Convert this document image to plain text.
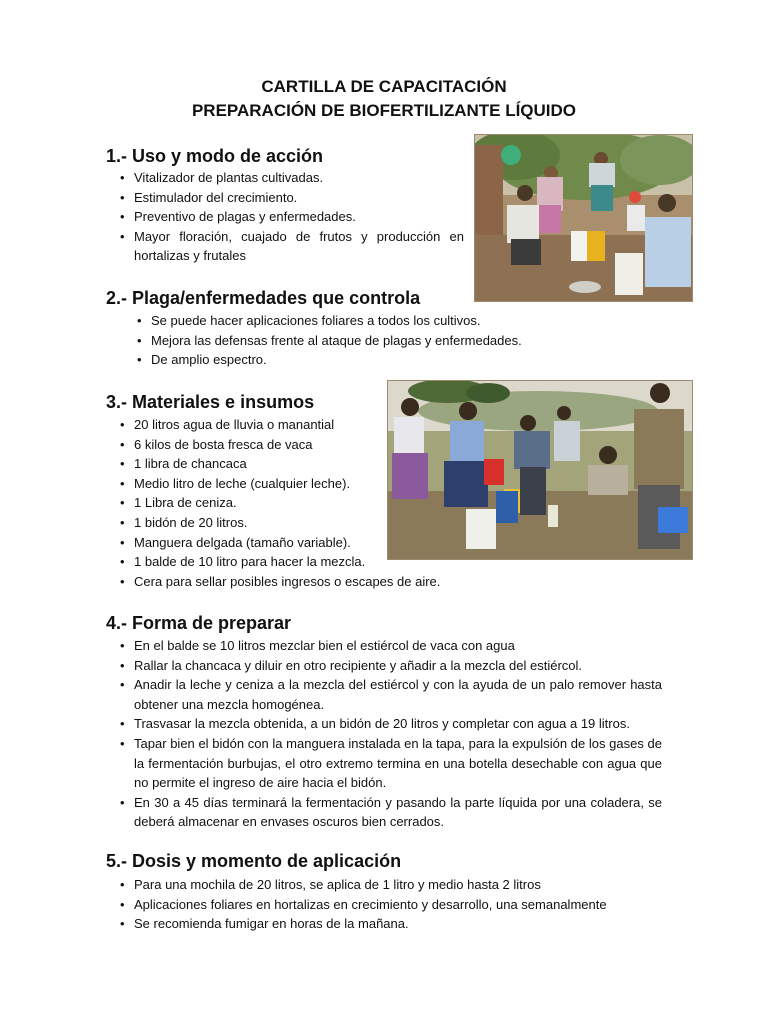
CARTILLA DE CAPACITACIÓN
PREPARACIÓN DE BIOFERTILIZANTE LÍQUIDO
1.- Uso y modo de acción
• Vitalizador de plantas cultivadas.
• Estimulador del crecimiento.
• Preventivo de plagas y enfermedades.
• Mayor floración, cuajado de frutos y producción en hortalizas y frutales
2.- Plaga/enfermedades que controla
• Se puede hacer aplicaciones foliares a todos los cultivos.
• Mejora las defensas frente al ataque de plagas y enfermedades.
• De amplio espectro.
3.- Materiales e insumos
• 20 litros agua de lluvia o manantial
• 6 kilos de bosta fresca de vaca
• 1 libra de chancaca
• Medio litro de leche (cualquier leche).
• 1 Libra de ceniza.
• 1 bidón de 20 litros.
• Manguera delgada (tamaño variable).
• 1 balde de 10 litro para hacer la mezcla.
• Cera para sellar posibles ingresos o escapes de aire.
4.- Forma de preparar
• En el balde se 10 litros mezclar bien el estiércol de vaca con agua
• Rallar la chancaca y diluir en otro recipiente y añadir a la mezcla del estiércol.
• Anadir la leche y ceniza a la mezcla del estiércol y con la ayuda de un palo remover hasta obtener una mezcla homogénea.
• Trasvasar la mezcla obtenida, a un bidón de 20 litros y completar con agua a 19 litros.
• Tapar bien el bidón con la manguera instalada en la tapa, para la expulsión de los gases de la fermentación burbujas, el otro extremo termina en una botella desechable con agua que no permite el ingreso de aire hacia el bidón.
• En 30 a 45 días terminará la fermentación y pasando la parte líquida por una coladera, se deberá almacenar en envases oscuros bien cerrados.
5.- Dosis y momento de aplicación
• Para una mochila de 20 litros, se aplica de 1 litro y medio hasta 2 litros
• Aplicaciones foliares en hortalizas en crecimiento y desarrollo, una semanalmente
• Se recomienda fumigar en horas de la mañana.
